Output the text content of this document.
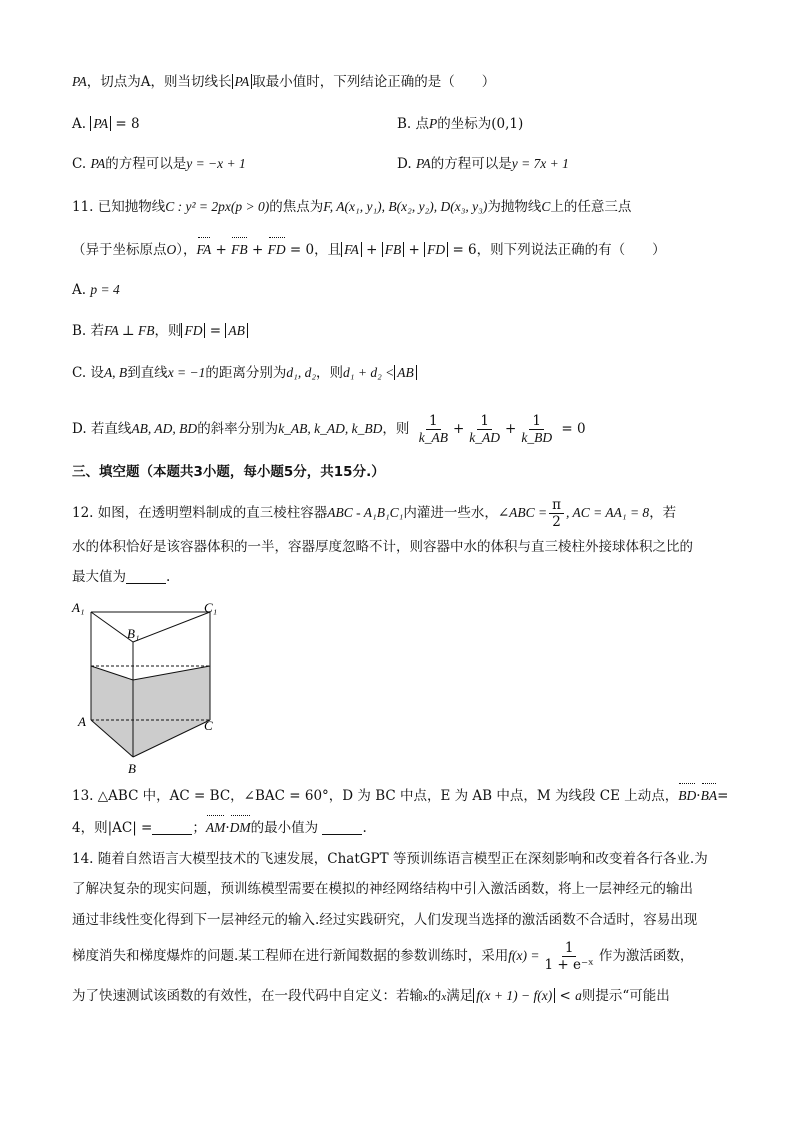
PA，切点为A，则当切线长 PA 取最小值时，下列结论正确的是（　　）
A. PA = 8	B. 点P的坐标为(0,1)
C. PA的方程可以是y = −x + 1	D. PA的方程可以是y = 7x + 1
11. 已知抛物线C : y² = 2px(p > 0)的焦点为F, A(x₁, y₁), B(x₂, y₂), D(x₃, y₃)为抛物线C上的任意三点
（异于坐标原点O），FA + FB + FD = 0，且 FA + FB + FD = 6，则下列说法正确的有（　　）
A. p = 4
B. 若FA ⊥ FB，则 FD = AB
C. 设A, B到直线x = −1的距离分别为d₁, d₂，则d₁ + d₂ < AB
D. 若直线AB, AD, BD的斜率分别为k_AB, k_AD, k_BD，则 $\frac{1}{k\_AB} + \frac{1}{k\_AD} + \frac{1}{k\_BD} = 0$
三、填空题（本题共3小题，每小题5分，共15分.）
12. 如图，在透明塑料制成的直三棱柱容器ABC - A₁B₁C₁内灌进一些水，∠ABC = $\frac{\pi}{2}$ , AC = AA₁ = 8，若
水的体积恰好是该容器体积的一半，容器厚度忽略不计，则容器中水的体积与直三棱柱外接球体积之比的
最大值为	.
A₁
B₁
C₁
A
B
C
13. △ABC 中，AC = BC，∠BAC = 60°，D 为 BC 中点，E 为 AB 中点，M 为线段 CE 上动点，BD·BA=
4，则|AC| =	；AM·DM的最小值为	.
14. 随着自然语言大模型技术的飞速发展，ChatGPT 等预训练语言模型正在深刻影响和改变着各行各业.为
了解决复杂的现实问题，预训练模型需要在模拟的神经网络结构中引入激活函数，将上一层神经元的输出
通过非线性变化得到下一层神经元的输入.经过实践研究，人们发现当选择的激活函数不合适时，容易出现
梯度消失和梯度爆炸的问题.某工程师在进行新闻数据的参数训练时，采用$f(x) = \frac{1}{\text{1 + e⁻ˣ}}$ 作为激活函数，
为了快速测试该函数的有效性，在一段代码中自定义：若输x的x满足 f(x + 1) − f(x) < a则提示“可能出
